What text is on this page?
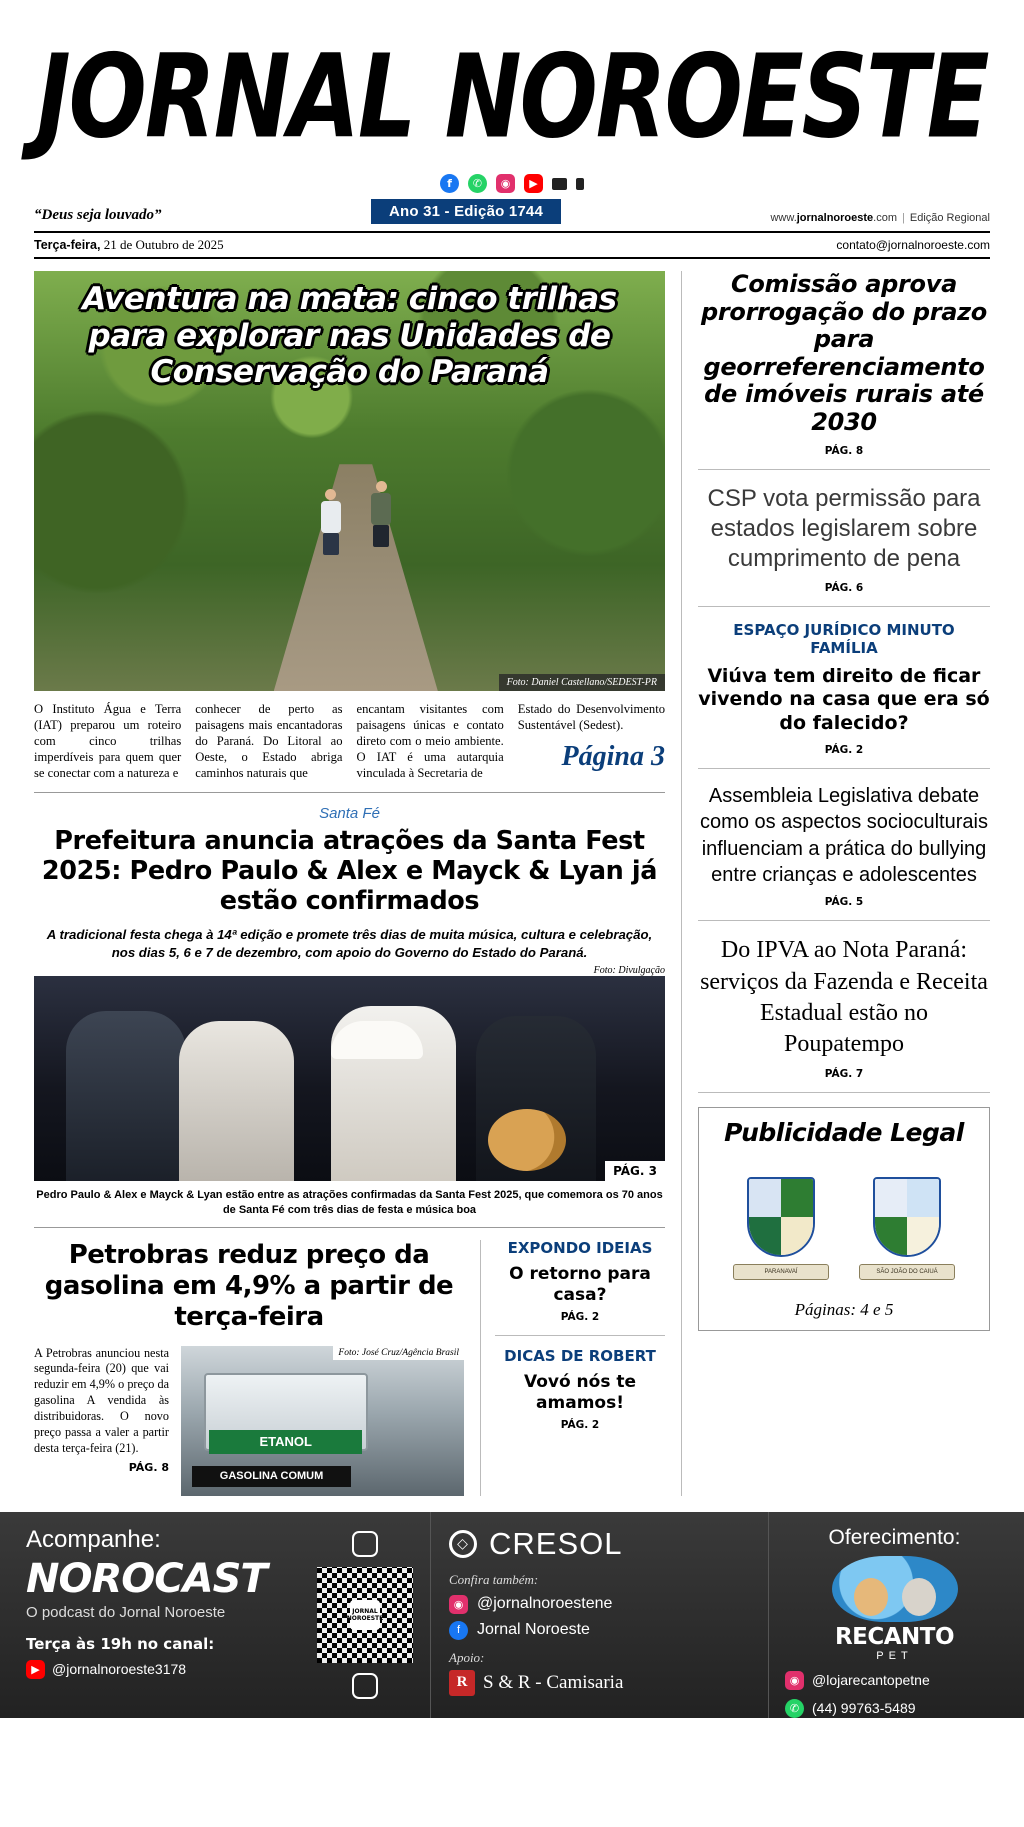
JORNAL NOROESTE
f	✆	◉	▶
“Deus seja louvado”	Ano 31 - Edição 1744	www.jornalnoroeste.com | Edição Regional
Terça-feira, 21 de Outubro de 2025	contato@jornalnoroeste.com
Aventura na mata: cinco trilhas para explorar nas Unidades de Conservação do Paraná
Foto: Daniel Castellano/SEDEST-PR
O Instituto Água e Terra (IAT) preparou um roteiro com cinco trilhas imperdíveis para quem quer se conectar com a natureza e
conhecer de perto as paisagens mais encantadoras do Paraná. Do Litoral ao Oeste, o Estado abriga caminhos naturais que
encantam visitantes com paisagens únicas e contato direto com o meio ambiente. O IAT é uma autarquia vinculada à Secretaria de
Estado do Desenvolvimento Sustentável (Sedest).
Página 3
Santa Fé
Prefeitura anuncia atrações da Santa Fest 2025: Pedro Paulo & Alex e Mayck & Lyan já estão confirmados
A tradicional festa chega à 14ª edição e promete três dias de muita música, cultura e celebração, nos dias 5, 6 e 7 de dezembro, com apoio do Governo do Estado do Paraná.
Foto: Divulgação
PÁG. 3
Pedro Paulo & Alex e Mayck & Lyan estão entre as atrações confirmadas da Santa Fest 2025, que comemora os 70 anos de Santa Fé com três dias de festa e música boa
Petrobras reduz preço da gasolina em 4,9% a partir de terça-feira
A Petrobras anunciou nesta segunda-feira (20) que vai reduzir em 4,9% o preço da gasolina A vendida às distribuidoras. O novo preço passa a valer a partir desta terça-feira (21).
PÁG. 8
ETANOL
GASOLINA COMUM
Foto: José Cruz/Agência Brasil
EXPONDO IDEIAS
O retorno para casa?
PÁG. 2
DICAS DE ROBERT
Vovó nós te amamos!
PÁG. 2
Comissão aprova prorrogação do prazo para georreferenciamento de imóveis rurais até 2030
PÁG. 8
CSP vota permissão para estados legislarem sobre cumprimento de pena
PÁG. 6
ESPAÇO JURÍDICO MINUTO FAMÍLIA
Viúva tem direito de ficar vivendo na casa que era só do falecido?
PÁG. 2
Assembleia Legislativa debate como os aspectos socioculturais influenciam a prática do bullying entre crianças e adolescentes
PÁG. 5
Do IPVA ao Nota Paraná: serviços da Fazenda e Receita Estadual estão no Poupatempo
PÁG. 7
Publicidade Legal
PARANAVAÍ	SÃO JOÃO DO CAIUÁ
Páginas: 4 e 5
Acompanhe:
NOROCAST
O podcast do Jornal Noroeste
Terça às 19h no canal:
▶ @jornalnoroeste3178
JORNAL NOROESTE
◇ CRESOL
Confira também:
◉ @jornalnoroestene
f	Jornal Noroeste
Apoio:
R S & R - Camisaria
Oferecimento:
RECANTO
PET
◉ @lojarecantopetne
✆ (44) 99763-5489
